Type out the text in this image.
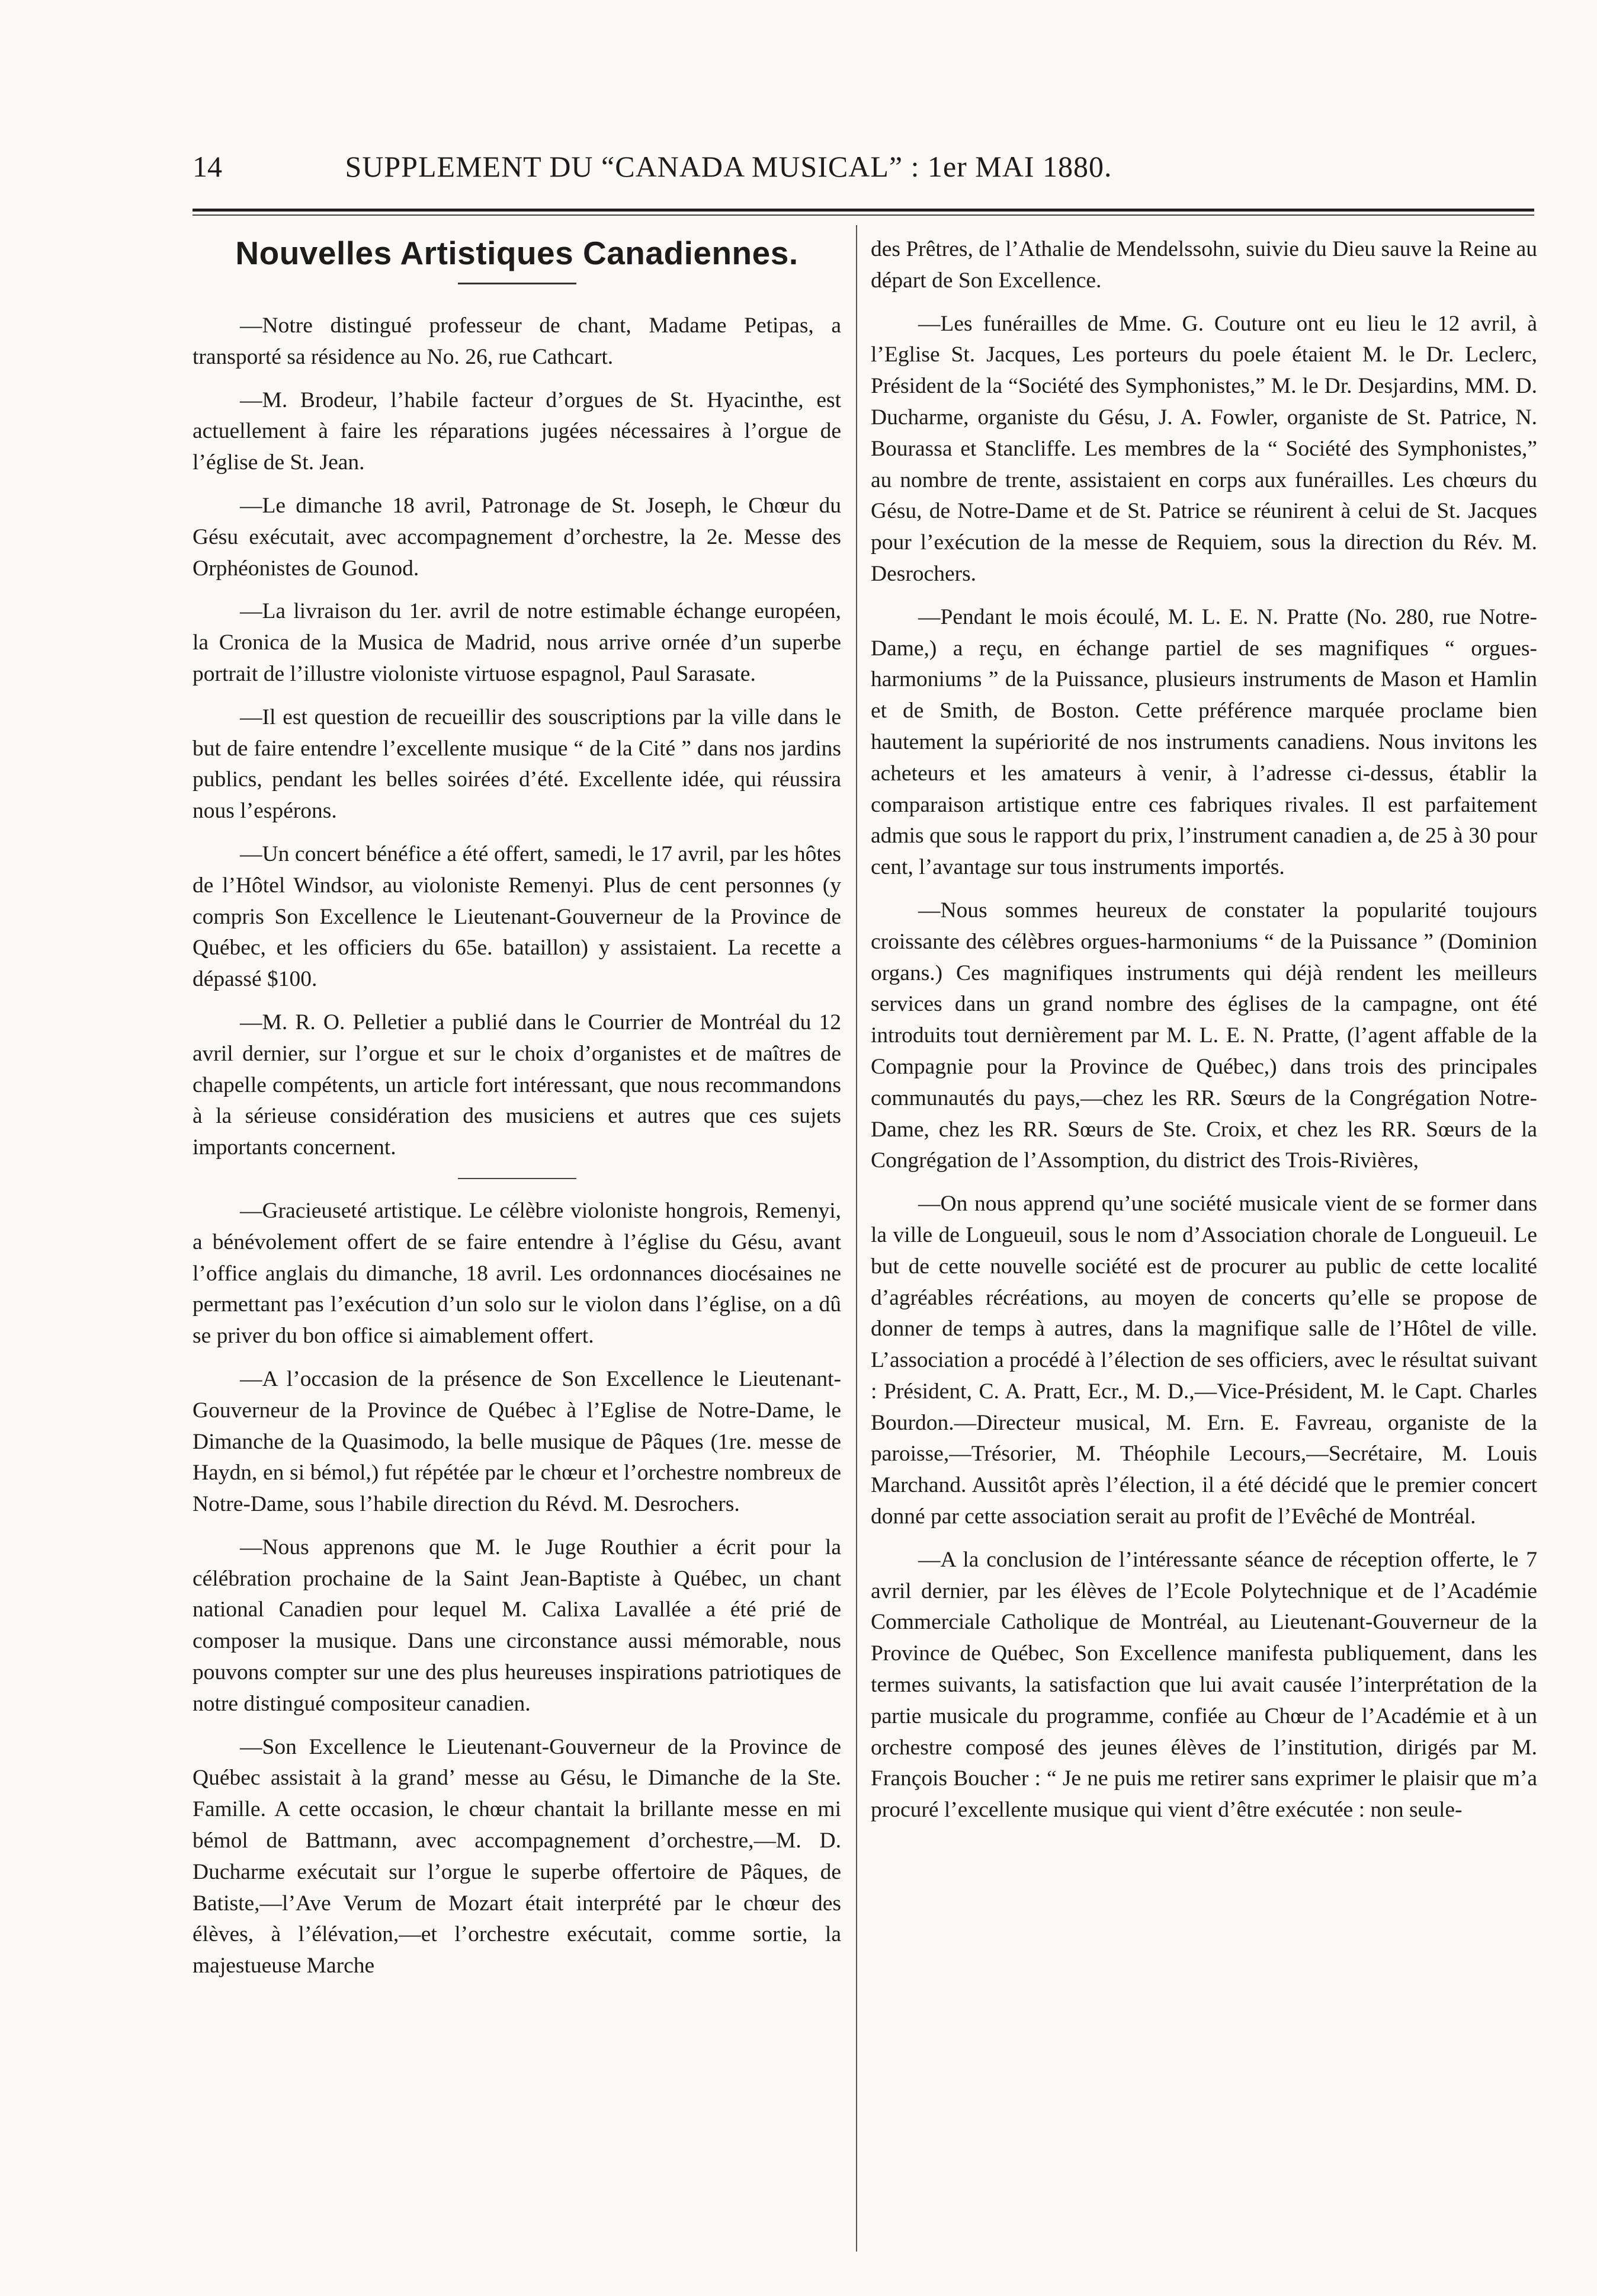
14	SUPPLEMENT DU “CANADA MUSICAL” : 1er MAI 1880.
Nouvelles Artistiques Canadiennes.

—Notre distingué professeur de chant, Madame Petipas, a transporté sa résidence au No. 26, rue Cathcart.

—M. Brodeur, l’habile facteur d’orgues de St. Hyacinthe, est actuellement à faire les réparations jugées nécessaires à l’orgue de l’église de St. Jean.

—Le dimanche 18 avril, Patronage de St. Joseph, le Chœur du Gésu exécutait, avec accompagnement d’orchestre, la 2e. Messe des Orphéonistes de Gounod.

—La livraison du 1er. avril de notre estimable échange européen, la Cronica de la Musica de Madrid, nous arrive ornée d’un superbe portrait de l’illustre violoniste virtuose espagnol, Paul Sarasate.

—Il est question de recueillir des souscriptions par la ville dans le but de faire entendre l’excellente musique “ de la Cité ” dans nos jardins publics, pendant les belles soirées d’été. Excellente idée, qui réussira nous l’espérons.

—Un concert bénéfice a été offert, samedi, le 17 avril, par les hôtes de l’Hôtel Windsor, au violoniste Remenyi. Plus de cent personnes (y compris Son Excellence le Lieutenant-Gouverneur de la Province de Québec, et les officiers du 65e. bataillon) y assistaient. La recette a dépassé $100.

—M. R. O. Pelletier a publié dans le Courrier de Montréal du 12 avril dernier, sur l’orgue et sur le choix d’organistes et de maîtres de chapelle compétents, un article fort intéressant, que nous recommandons à la sérieuse considération des musiciens et autres que ces sujets importants concernent.

—Gracieuseté artistique. Le célèbre violoniste hongrois, Remenyi, a bénévolement offert de se faire entendre à l’église du Gésu, avant l’office anglais du dimanche, 18 avril. Les ordonnances diocésaines ne permettant pas l’exécution d’un solo sur le violon dans l’église, on a dû se priver du bon office si aimablement offert.

—A l’occasion de la présence de Son Excellence le Lieutenant-Gouverneur de la Province de Québec à l’Eglise de Notre-Dame, le Dimanche de la Quasimodo, la belle musique de Pâques (1re. messe de Haydn, en si bémol,) fut répétée par le chœur et l’orchestre nombreux de Notre-Dame, sous l’habile direction du Révd. M. Desrochers.

—Nous apprenons que M. le Juge Routhier a écrit pour la célébration prochaine de la Saint Jean-Baptiste à Québec, un chant national Canadien pour lequel M. Calixa Lavallée a été prié de composer la musique. Dans une circonstance aussi mémorable, nous pouvons compter sur une des plus heureuses inspirations patriotiques de notre distingué compositeur canadien.

—Son Excellence le Lieutenant-Gouverneur de la Province de Québec assistait à la grand’ messe au Gésu, le Dimanche de la Ste. Famille. A cette occasion, le chœur chantait la brillante messe en mi bémol de Battmann, avec accompagnement d’orchestre,—M. D. Ducharme exécutait sur l’orgue le superbe offertoire de Pâques, de Batiste,—l’Ave Verum de Mozart était interprété par le chœur des élèves, à l’élévation,—et l’orchestre exécutait, comme sortie, la majestueuse Marche

des Prêtres, de l’Athalie de Mendelssohn, suivie du Dieu sauve la Reine au départ de Son Excellence.

—Les funérailles de Mme. G. Couture ont eu lieu le 12 avril, à l’Eglise St. Jacques, Les porteurs du poele étaient M. le Dr. Leclerc, Président de la “Société des Symphonistes,” M. le Dr. Desjardins, MM. D. Ducharme, organiste du Gésu, J. A. Fowler, organiste de St. Patrice, N. Bourassa et Stancliffe. Les membres de la “ Société des Symphonistes,” au nombre de trente, assistaient en corps aux funérailles. Les chœurs du Gésu, de Notre-Dame et de St. Patrice se réunirent à celui de St. Jacques pour l’exécution de la messe de Requiem, sous la direction du Rév. M. Desrochers.

—Pendant le mois écoulé, M. L. E. N. Pratte (No. 280, rue Notre-Dame,) a reçu, en échange partiel de ses magnifiques “ orgues-harmoniums ” de la Puissance, plusieurs instruments de Mason et Hamlin et de Smith, de Boston. Cette préférence marquée proclame bien hautement la supériorité de nos instruments canadiens. Nous invitons les acheteurs et les amateurs à venir, à l’adresse ci-dessus, établir la comparaison artistique entre ces fabriques rivales. Il est parfaitement admis que sous le rapport du prix, l’instrument canadien a, de 25 à 30 pour cent, l’avantage sur tous instruments importés.

—Nous sommes heureux de constater la popularité toujours croissante des célèbres orgues-harmoniums “ de la Puissance ” (Dominion organs.) Ces magnifiques instruments qui déjà rendent les meilleurs services dans un grand nombre des églises de la campagne, ont été introduits tout dernièrement par M. L. E. N. Pratte, (l’agent affable de la Compagnie pour la Province de Québec,) dans trois des principales communautés du pays,—chez les RR. Sœurs de la Congrégation Notre-Dame, chez les RR. Sœurs de Ste. Croix, et chez les RR. Sœurs de la Congrégation de l’Assomption, du district des Trois-Rivières,

—On nous apprend qu’une société musicale vient de se former dans la ville de Longueuil, sous le nom d’Association chorale de Longueuil. Le but de cette nouvelle société est de procurer au public de cette localité d’agréables récréations, au moyen de concerts qu’elle se propose de donner de temps à autres, dans la magnifique salle de l’Hôtel de ville. L’association a procédé à l’élection de ses officiers, avec le résultat suivant : Président, C. A. Pratt, Ecr., M. D.,—Vice-Président, M. le Capt. Charles Bourdon.—Directeur musical, M. Ern. E. Favreau, organiste de la paroisse,—Trésorier, M. Théophile Lecours,—Secrétaire, M. Louis Marchand. Aussitôt après l’élection, il a été décidé que le premier concert donné par cette association serait au profit de l’Evêché de Montréal.

—A la conclusion de l’intéressante séance de réception offerte, le 7 avril dernier, par les élèves de l’Ecole Polytechnique et de l’Académie Commerciale Catholique de Montréal, au Lieutenant-Gouverneur de la Province de Québec, Son Excellence manifesta publiquement, dans les termes suivants, la satisfaction que lui avait causée l’interprétation de la partie musicale du programme, confiée au Chœur de l’Académie et à un orchestre composé des jeunes élèves de l’institution, dirigés par M. François Boucher : “ Je ne puis me retirer sans exprimer le plaisir que m’a procuré l’excellente musique qui vient d’être exécutée : non seule-
